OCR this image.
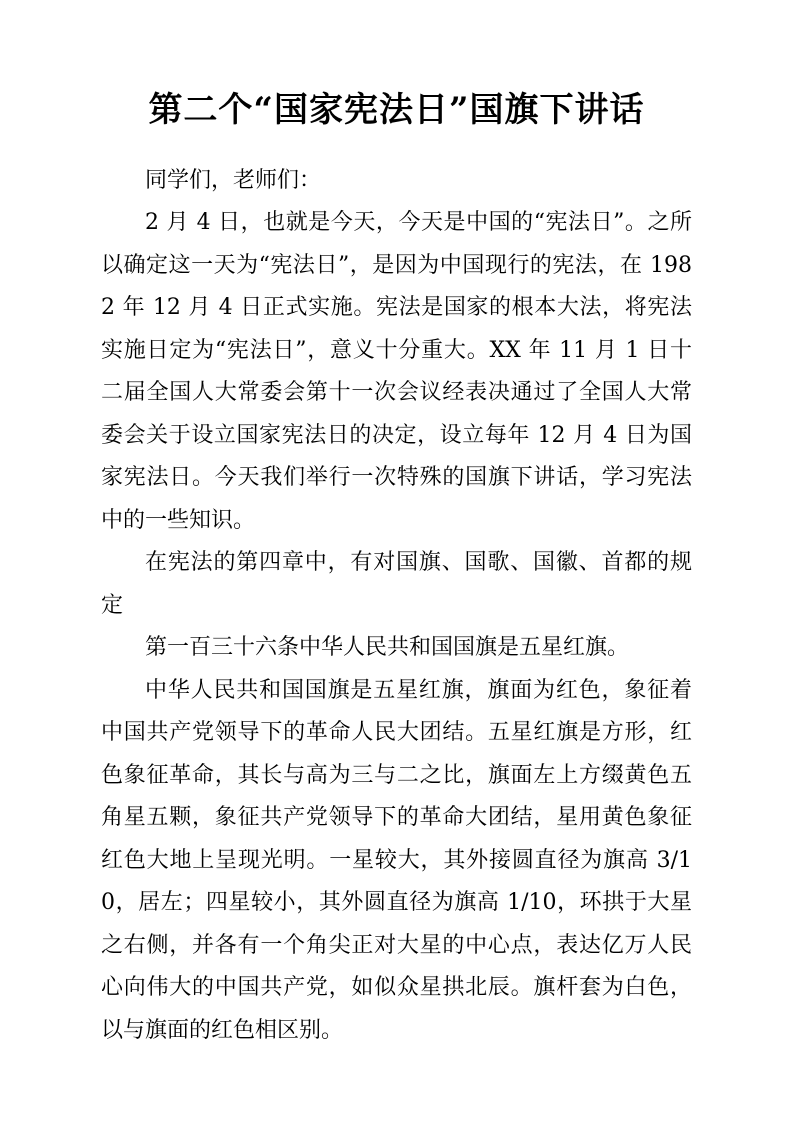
第二个“国家宪法日”国旗下讲话

同学们，老师们：

2 月 4 日，也就是今天，今天是中国的“宪法日”。之所以确定这一天为“宪法日”，是因为中国现行的宪法，在 1982 年 12 月 4 日正式实施。宪法是国家的根本大法，将宪法实施日定为“宪法日”，意义十分重大。XX 年 11 月 1 日十二届全国人大常委会第十一次会议经表决通过了全国人大常委会关于设立国家宪法日的决定，设立每年 12 月 4 日为国家宪法日。今天我们举行一次特殊的国旗下讲话，学习宪法中的一些知识。

在宪法的第四章中，有对国旗、国歌、国徽、首都的规定

第一百三十六条中华人民共和国国旗是五星红旗。

中华人民共和国国旗是五星红旗，旗面为红色，象征着中国共产党领导下的革命人民大团结。五星红旗是方形，红色象征革命，其长与高为三与二之比，旗面左上方缀黄色五角星五颗，象征共产党领导下的革命大团结，星用黄色象征红色大地上呈现光明。一星较大，其外接圆直径为旗高 3/10，居左；四星较小，其外圆直径为旗高 1/10，环拱于大星之右侧，并各有一个角尖正对大星的中心点，表达亿万人民心向伟大的中国共产党，如似众星拱北辰。旗杆套为白色，以与旗面的红色相区别。
